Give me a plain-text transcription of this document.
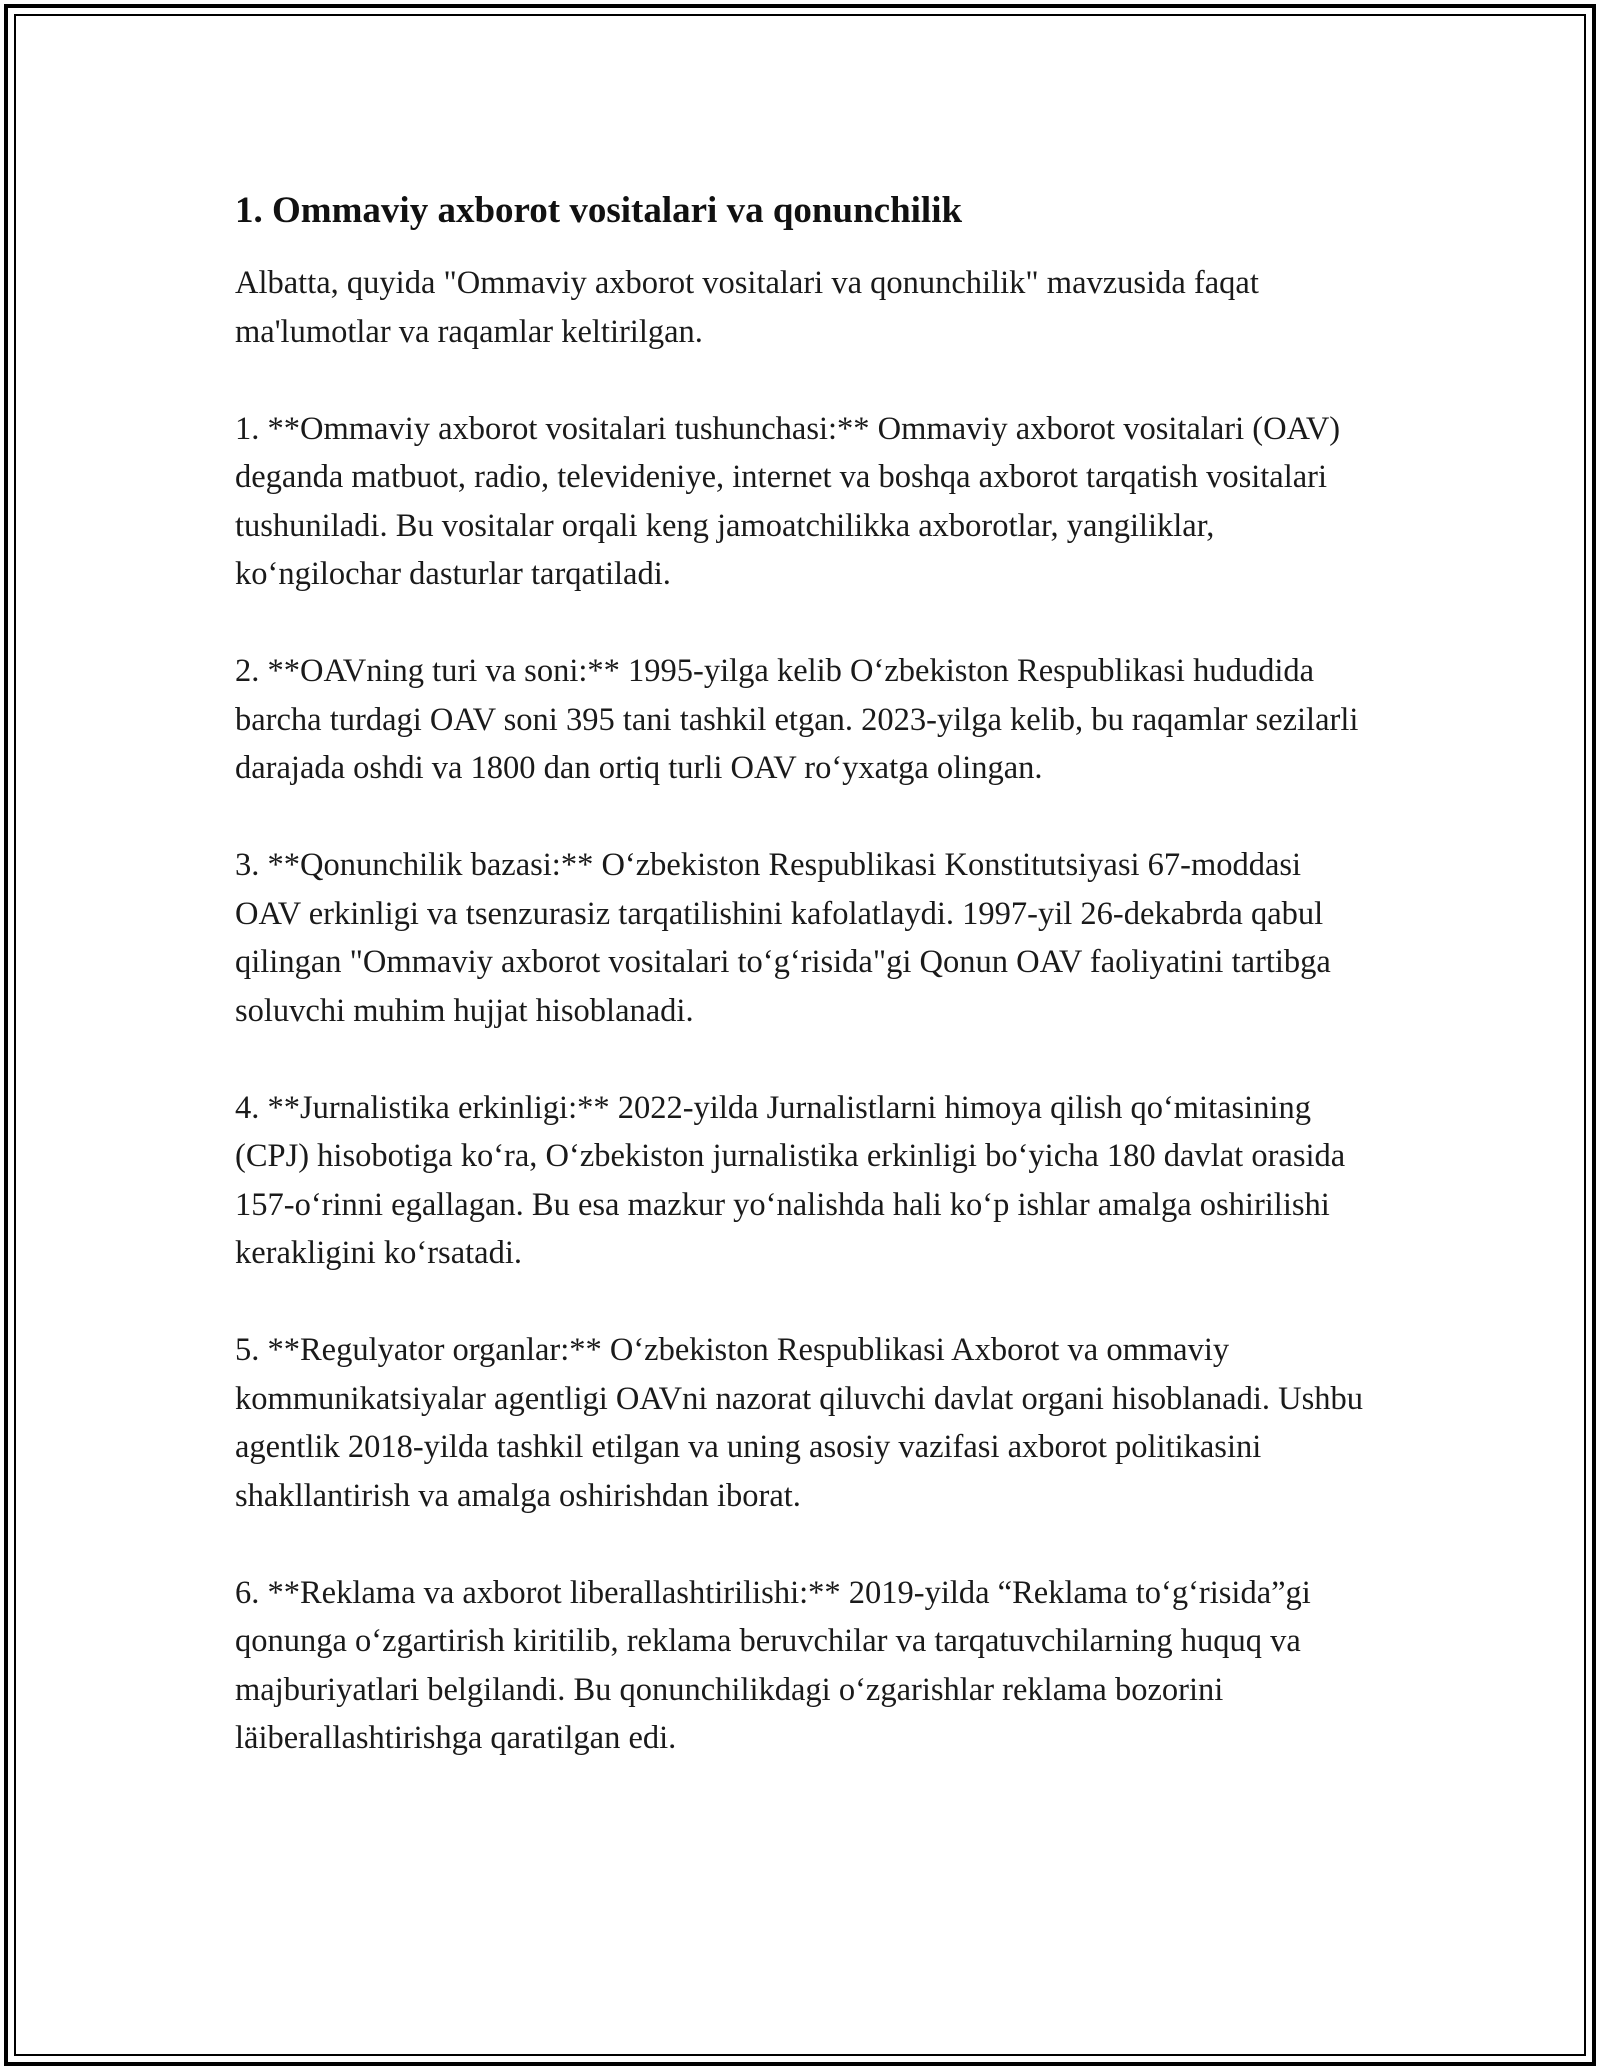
1. Ommaviy axborot vositalari va qonunchilik

Albatta, quyida "Ommaviy axborot vositalari va qonunchilik" mavzusida faqat ma'lumotlar va raqamlar keltirilgan.

1. **Ommaviy axborot vositalari tushunchasi:** Ommaviy axborot vositalari (OAV) deganda matbuot, radio, televideniye, internet va boshqa axborot tarqatish vositalari tushuniladi. Bu vositalar orqali keng jamoatchilikka axborotlar, yangiliklar, koʻngilochar dasturlar tarqatiladi.

2. **OAVning turi va soni:** 1995-yilga kelib Oʻzbekiston Respublikasi hududida barcha turdagi OAV soni 395 tani tashkil etgan. 2023-yilga kelib, bu raqamlar sezilarli darajada oshdi va 1800 dan ortiq turli OAV roʻyxatga olingan.

3. **Qonunchilik bazasi:** Oʻzbekiston Respublikasi Konstitutsiyasi 67-moddasi OAV erkinligi va tsenzurasiz tarqatilishini kafolatlaydi. 1997-yil 26-dekabrda qabul qilingan "Ommaviy axborot vositalari toʻgʻrisida"gi Qonun OAV faoliyatini tartibga soluvchi muhim hujjat hisoblanadi.

4. **Jurnalistika erkinligi:** 2022-yilda Jurnalistlarni himoya qilish qoʻmitasining (CPJ) hisobotiga koʻra, Oʻzbekiston jurnalistika erkinligi boʻyicha 180 davlat orasida 157-oʻrinni egallagan. Bu esa mazkur yoʻnalishda hali koʻp ishlar amalga oshirilishi kerakligini koʻrsatadi.

5. **Regulyator organlar:** Oʻzbekiston Respublikasi Axborot va ommaviy kommunikatsiyalar agentligi OAVni nazorat qiluvchi davlat organi hisoblanadi. Ushbu agentlik 2018-yilda tashkil etilgan va uning asosiy vazifasi axborot politikasini shakllantirish va amalga oshirishdan iborat.

6. **Reklama va axborot liberallashtirilishi:** 2019-yilda “Reklama toʻgʻrisida”gi qonunga oʻzgartirish kiritilib, reklama beruvchilar va tarqatuvchilarning huquq va majburiyatlari belgilandi. Bu qonunchilikdagi oʻzgarishlar reklama bozorini läiberallashtirishga qaratilgan edi.
